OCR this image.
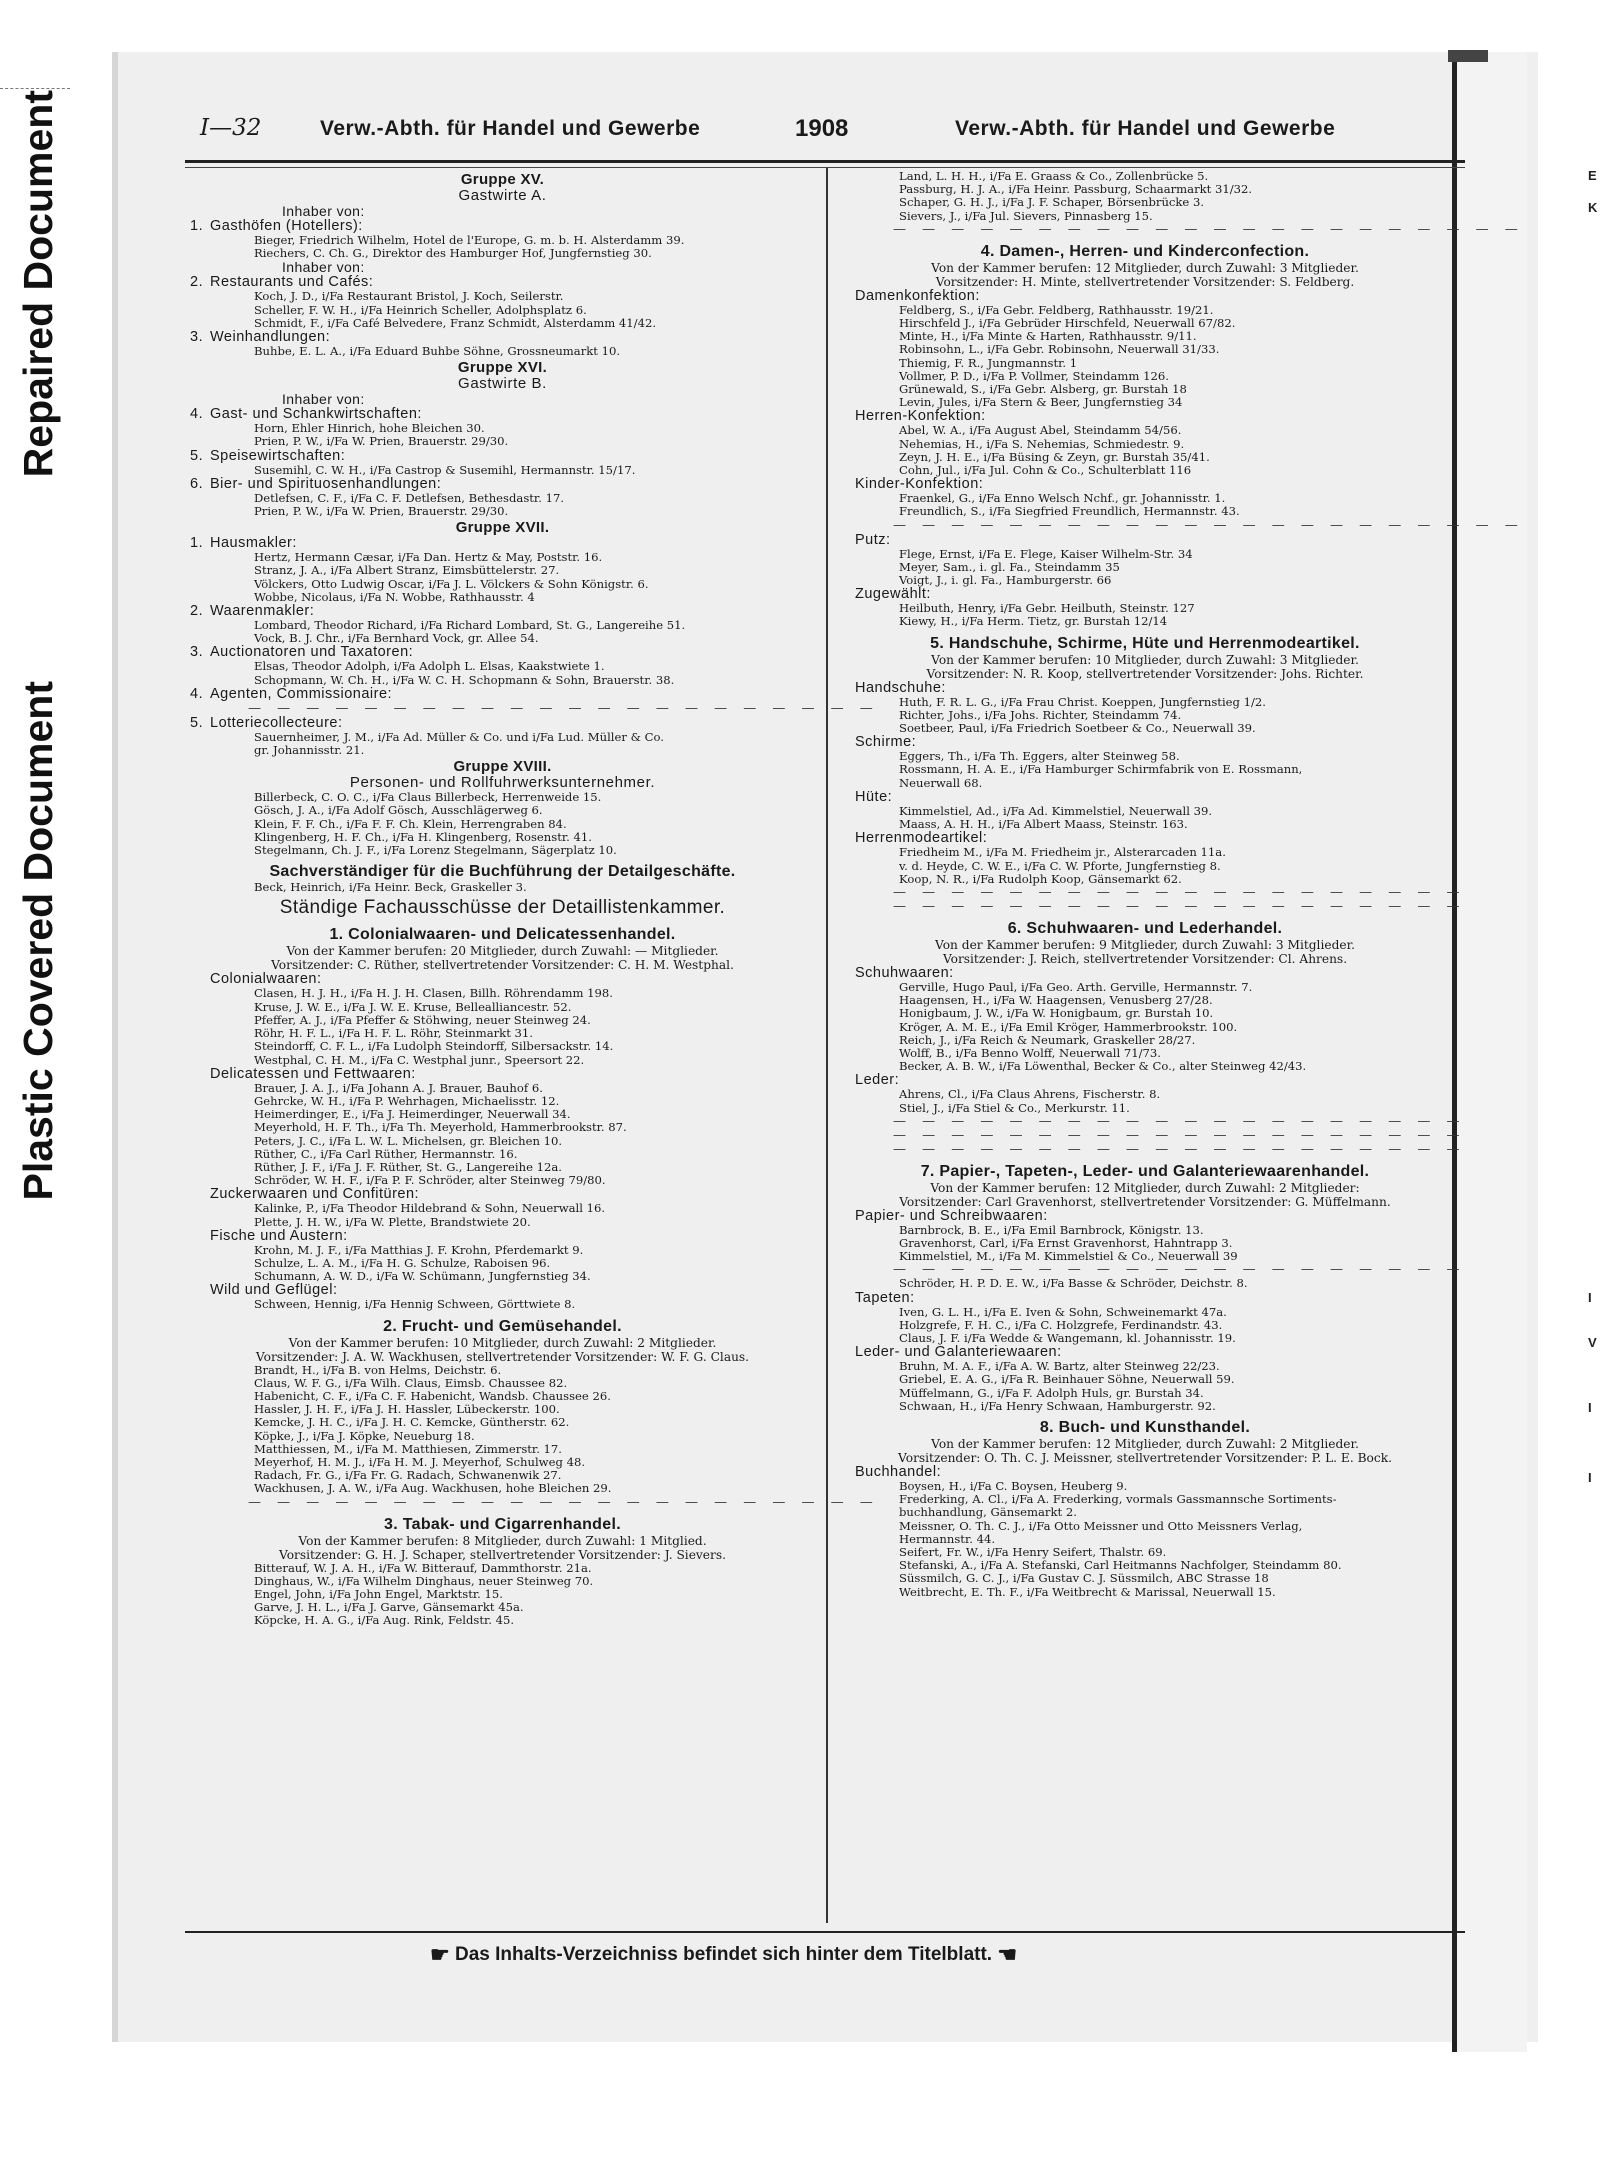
Repaired Document
Plastic Covered Document
E
K
I
V
I
I
I—32	Verw.-Abth. für Handel und Gewerbe	1908	Verw.-Abth. für Handel und Gewerbe
Gruppe XV.
Gastwirte A.
Inhaber von:
1. Gasthöfen (Hotellers):
Bieger, Friedrich Wilhelm, Hotel de l'Europe, G. m. b. H. Alsterdamm 39.
Riechers, C. Ch. G., Direktor des Hamburger Hof, Jungfernstieg 30.
Inhaber von:
2. Restaurants und Cafés:
Koch, J. D., i/Fa Restaurant Bristol, J. Koch, Seilerstr.
Scheller, F. W. H., i/Fa Heinrich Scheller, Adolphsplatz 6.
Schmidt, F., i/Fa Café Belvedere, Franz Schmidt, Alsterdamm 41/42.
3. Weinhandlungen:
Buhbe, E. L. A., i/Fa Eduard Buhbe Söhne, Grossneumarkt 10.
Gruppe XVI.
Gastwirte B.
Inhaber von:
4. Gast- und Schankwirtschaften:
Horn, Ehler Hinrich, hohe Bleichen 30.
Prien, P. W., i/Fa W. Prien, Brauerstr. 29/30.
5. Speisewirtschaften:
Susemihl, C. W. H., i/Fa Castrop & Susemihl, Hermannstr. 15/17.
6. Bier- und Spirituosenhandlungen:
Detlefsen, C. F., i/Fa C. F. Detlefsen, Bethesdastr. 17.
Prien, P. W., i/Fa W. Prien, Brauerstr. 29/30.
Gruppe XVII.
1. Hausmakler:
Hertz, Hermann Cæsar, i/Fa Dan. Hertz & May, Poststr. 16.
Stranz, J. A., i/Fa Albert Stranz, Eimsbüttelerstr. 27.
Völckers, Otto Ludwig Oscar, i/Fa J. L. Völckers & Sohn Königstr. 6.
Wobbe, Nicolaus, i/Fa N. Wobbe, Rathhausstr. 4
2. Waarenmakler:
Lombard, Theodor Richard, i/Fa Richard Lombard, St. G., Langereihe 51.
Vock, B. J. Chr., i/Fa Bernhard Vock, gr. Allee 54.
3. Auctionatoren und Taxatoren:
Elsas, Theodor Adolph, i/Fa Adolph L. Elsas, Kaakstwiete 1.
Schopmann, W. Ch. H., i/Fa W. C. H. Schopmann & Sohn, Brauerstr. 38.
4. Agenten, Commissionaire:
— — — — — — — — — — — — — — — — — — — — — —
5. Lotteriecollecteure:
Sauernheimer, J. M., i/Fa Ad. Müller & Co. und i/Fa Lud. Müller & Co.
gr. Johannisstr. 21.
Gruppe XVIII.
Personen- und Rollfuhrwerksunternehmer.
Billerbeck, C. O. C., i/Fa Claus Billerbeck, Herrenweide 15.
Gösch, J. A., i/Fa Adolf Gösch, Ausschlägerweg 6.
Klein, F. F. Ch., i/Fa F. F. Ch. Klein, Herrengraben 84.
Klingenberg, H. F. Ch., i/Fa H. Klingenberg, Rosenstr. 41.
Stegelmann, Ch. J. F., i/Fa Lorenz Stegelmann, Sägerplatz 10.
Sachverständiger für die Buchführung der Detailgeschäfte.
Beck, Heinrich, i/Fa Heinr. Beck, Graskeller 3.
Ständige Fachausschüsse der Detaillistenkammer.
1. Colonialwaaren- und Delicatessenhandel.
Von der Kammer berufen: 20 Mitglieder, durch Zuwahl: — Mitglieder.
Vorsitzender: C. Rüther, stellvertretender Vorsitzender: C. H. M. Westphal.
Colonialwaaren:
Clasen, H. J. H., i/Fa H. J. H. Clasen, Billh. Röhrendamm 198.
Kruse, J. W. E., i/Fa J. W. E. Kruse, Bellealliancestr. 52.
Pfeffer, A. J., i/Fa Pfeffer & Stöhwing, neuer Steinweg 24.
Röhr, H. F. L., i/Fa H. F. L. Röhr, Steinmarkt 31.
Steindorff, C. F. L., i/Fa Ludolph Steindorff, Silbersackstr. 14.
Westphal, C. H. M., i/Fa C. Westphal junr., Speersort 22.
Delicatessen und Fettwaaren:
Brauer, J. A. J., i/Fa Johann A. J. Brauer, Bauhof 6.
Gehrcke, W. H., i/Fa P. Wehrhagen, Michaelisstr. 12.
Heimerdinger, E., i/Fa J. Heimerdinger, Neuerwall 34.
Meyerhold, H. F. Th., i/Fa Th. Meyerhold, Hammerbrookstr. 87.
Peters, J. C., i/Fa L. W. L. Michelsen, gr. Bleichen 10.
Rüther, C., i/Fa Carl Rüther, Hermannstr. 16.
Rüther, J. F., i/Fa J. F. Rüther, St. G., Langereihe 12a.
Schröder, W. H. F., i/Fa P. F. Schröder, alter Steinweg 79/80.
Zuckerwaaren und Confitüren:
Kalinke, P., i/Fa Theodor Hildebrand & Sohn, Neuerwall 16.
Plette, J. H. W., i/Fa W. Plette, Brandstwiete 20.
Fische und Austern:
Krohn, M. J. F., i/Fa Matthias J. F. Krohn, Pferdemarkt 9.
Schulze, L. A. M., i/Fa H. G. Schulze, Raboisen 96.
Schumann, A. W. D., i/Fa W. Schümann, Jungfernstieg 34.
Wild und Geflügel:
Schween, Hennig, i/Fa Hennig Schween, Görttwiete 8.
2. Frucht- und Gemüsehandel.
Von der Kammer berufen: 10 Mitglieder, durch Zuwahl: 2 Mitglieder.
Vorsitzender: J. A. W. Wackhusen, stellvertretender Vorsitzender: W. F. G. Claus.
Brandt, H., i/Fa B. von Helms, Deichstr. 6.
Claus, W. F. G., i/Fa Wilh. Claus, Eimsb. Chaussee 82.
Habenicht, C. F., i/Fa C. F. Habenicht, Wandsb. Chaussee 26.
Hassler, J. H. F., i/Fa J. H. Hassler, Lübeckerstr. 100.
Kemcke, J. H. C., i/Fa J. H. C. Kemcke, Güntherstr. 62.
Köpke, J., i/Fa J. Köpke, Neueburg 18.
Matthiessen, M., i/Fa M. Matthiesen, Zimmerstr. 17.
Meyerhof, H. M. J., i/Fa H. M. J. Meyerhof, Schulweg 48.
Radach, Fr. G., i/Fa Fr. G. Radach, Schwanenwik 27.
Wackhusen, J. A. W., i/Fa Aug. Wackhusen, hohe Bleichen 29.
— — — — — — — — — — — — — — — — — — — — — —
3. Tabak- und Cigarrenhandel.
Von der Kammer berufen: 8 Mitglieder, durch Zuwahl: 1 Mitglied.
Vorsitzender: G. H. J. Schaper, stellvertretender Vorsitzender: J. Sievers.
Bitterauf, W. J. A. H., i/Fa W. Bitterauf, Dammthorstr. 21a.
Dinghaus, W., i/Fa Wilhelm Dinghaus, neuer Steinweg 70.
Engel, John, i/Fa John Engel, Marktstr. 15.
Garve, J. H. L., i/Fa J. Garve, Gänsemarkt 45a.
Köpcke, H. A. G., i/Fa Aug. Rink, Feldstr. 45.
Land, L. H. H., i/Fa E. Graass & Co., Zollenbrücke 5.
Passburg, H. J. A., i/Fa Heinr. Passburg, Schaarmarkt 31/32.
Schaper, G. H. J., i/Fa J. F. Schaper, Börsenbrücke 3.
Sievers, J., i/Fa Jul. Sievers, Pinnasberg 15.
— — — — — — — — — — — — — — — — — — — — — —
4. Damen-, Herren- und Kinderconfection.
Von der Kammer berufen: 12 Mitglieder, durch Zuwahl: 3 Mitglieder.
Vorsitzender: H. Minte, stellvertretender Vorsitzender: S. Feldberg.
Damenkonfektion:
Feldberg, S., i/Fa Gebr. Feldberg, Rathhausstr. 19/21.
Hirschfeld J., i/Fa Gebrüder Hirschfeld, Neuerwall 67/82.
Minte, H., i/Fa Minte & Harten, Rathhausstr. 9/11.
Robinsohn, L., i/Fa Gebr. Robinsohn, Neuerwall 31/33.
Thiemig, F. R., Jungmannstr. 1
Vollmer, P. D., i/Fa P. Vollmer, Steindamm 126.
Grünewald, S., i/Fa Gebr. Alsberg, gr. Burstah 18
Levin, Jules, i/Fa Stern & Beer, Jungfernstieg 34
Herren-Konfektion:
Abel, W. A., i/Fa August Abel, Steindamm 54/56.
Nehemias, H., i/Fa S. Nehemias, Schmiedestr. 9.
Zeyn, J. H. E., i/Fa Büsing & Zeyn, gr. Burstah 35/41.
Cohn, Jul., i/Fa Jul. Cohn & Co., Schulterblatt 116
Kinder-Konfektion:
Fraenkel, G., i/Fa Enno Welsch Nchf., gr. Johannisstr. 1.
Freundlich, S., i/Fa Siegfried Freundlich, Hermannstr. 43.
— — — — — — — — — — — — — — — — — — — — — —
Putz:
Flege, Ernst, i/Fa E. Flege, Kaiser Wilhelm-Str. 34
Meyer, Sam., i. gl. Fa., Steindamm 35
Voigt, J., i. gl. Fa., Hamburgerstr. 66
Zugewählt:
Heilbuth, Henry, i/Fa Gebr. Heilbuth, Steinstr. 127
Kiewy, H., i/Fa Herm. Tietz, gr. Burstah 12/14
5. Handschuhe, Schirme, Hüte und Herrenmodeartikel.
Von der Kammer berufen: 10 Mitglieder, durch Zuwahl: 3 Mitglieder.
Vorsitzender: N. R. Koop, stellvertretender Vorsitzender: Johs. Richter.
Handschuhe:
Huth, F. R. L. G., i/Fa Frau Christ. Koeppen, Jungfernstieg 1/2.
Richter, Johs., i/Fa Johs. Richter, Steindamm 74.
Soetbeer, Paul, i/Fa Friedrich Soetbeer & Co., Neuerwall 39.
Schirme:
Eggers, Th., i/Fa Th. Eggers, alter Steinweg 58.
Rossmann, H. A. E., i/Fa Hamburger Schirmfabrik von E. Rossmann,
Neuerwall 68.
Hüte:
Kimmelstiel, Ad., i/Fa Ad. Kimmelstiel, Neuerwall 39.
Maass, A. H. H., i/Fa Albert Maass, Steinstr. 163.
Herrenmodeartikel:
Friedheim M., i/Fa M. Friedheim jr., Alsterarcaden 11a.
v. d. Heyde, C. W. E., i/Fa C. W. Pforte, Jungfernstieg 8.
Koop, N. R., i/Fa Rudolph Koop, Gänsemarkt 62.
— — — — — — — — — — — — — — — — — — — —
— — — — — — — — — — — — — — — — — — — —
6. Schuhwaaren- und Lederhandel.
Von der Kammer berufen: 9 Mitglieder, durch Zuwahl: 3 Mitglieder.
Vorsitzender: J. Reich, stellvertretender Vorsitzender: Cl. Ahrens.
Schuhwaaren:
Gerville, Hugo Paul, i/Fa Geo. Arth. Gerville, Hermannstr. 7.
Haagensen, H., i/Fa W. Haagensen, Venusberg 27/28.
Honigbaum, J. W., i/Fa W. Honigbaum, gr. Burstah 10.
Kröger, A. M. E., i/Fa Emil Kröger, Hammerbrookstr. 100.
Reich, J., i/Fa Reich & Neumark, Graskeller 28/27.
Wolff, B., i/Fa Benno Wolff, Neuerwall 71/73.
Becker, A. B. W., i/Fa Löwenthal, Becker & Co., alter Steinweg 42/43.
Leder:
Ahrens, Cl., i/Fa Claus Ahrens, Fischerstr. 8.
Stiel, J., i/Fa Stiel & Co., Merkurstr. 11.
— — — — — — — — — — — — — — — — — — — —
— — — — — — — — — — — — — — — — — — — —
— — — — — — — — — — — — — — — — — — — —
7. Papier-, Tapeten-, Leder- und Galanteriewaarenhandel.
Von der Kammer berufen: 12 Mitglieder, durch Zuwahl: 2 Mitglieder:
Vorsitzender: Carl Gravenhorst, stellvertretender Vorsitzender: G. Müffelmann.
Papier- und Schreibwaaren:
Barnbrock, B. E., i/Fa Emil Barnbrock, Königstr. 13.
Gravenhorst, Carl, i/Fa Ernst Gravenhorst, Hahntrapp 3.
Kimmelstiel, M., i/Fa M. Kimmelstiel & Co., Neuerwall 39
— — — — — — — — — — — — — — — — — — — —
Schröder, H. P. D. E. W., i/Fa Basse & Schröder, Deichstr. 8.
Tapeten:
Iven, G. L. H., i/Fa E. Iven & Sohn, Schweinemarkt 47a.
Holzgrefe, F. H. C., i/Fa C. Holzgrefe, Ferdinandstr. 43.
Claus, J. F. i/Fa Wedde & Wangemann, kl. Johannisstr. 19.
Leder- und Galanteriewaaren:
Bruhn, M. A. F., i/Fa A. W. Bartz, alter Steinweg 22/23.
Griebel, E. A. G., i/Fa R. Beinhauer Söhne, Neuerwall 59.
Müffelmann, G., i/Fa F. Adolph Huls, gr. Burstah 34.
Schwaan, H., i/Fa Henry Schwaan, Hamburgerstr. 92.
8. Buch- und Kunsthandel.
Von der Kammer berufen: 12 Mitglieder, durch Zuwahl: 2 Mitglieder.
Vorsitzender: O. Th. C. J. Meissner, stellvertretender Vorsitzender: P. L. E. Bock.
Buchhandel:
Boysen, H., i/Fa C. Boysen, Heuberg 9.
Frederking, A. Cl., i/Fa A. Frederking, vormals Gassmannsche Sortiments-
buchhandlung, Gänsemarkt 2.
Meissner, O. Th. C. J., i/Fa Otto Meissner und Otto Meissners Verlag,
Hermannstr. 44.
Seifert, Fr. W., i/Fa Henry Seifert, Thalstr. 69.
Stefanski, A., i/Fa A. Stefanski, Carl Heitmanns Nachfolger, Steindamm 80.
Süssmilch, G. C. J., i/Fa Gustav C. J. Süssmilch, ABC Strasse 18
Weitbrecht, E. Th. F., i/Fa Weitbrecht & Marissal, Neuerwall 15.
☛ Das Inhalts-Verzeichniss befindet sich hinter dem Titelblatt. ☚
